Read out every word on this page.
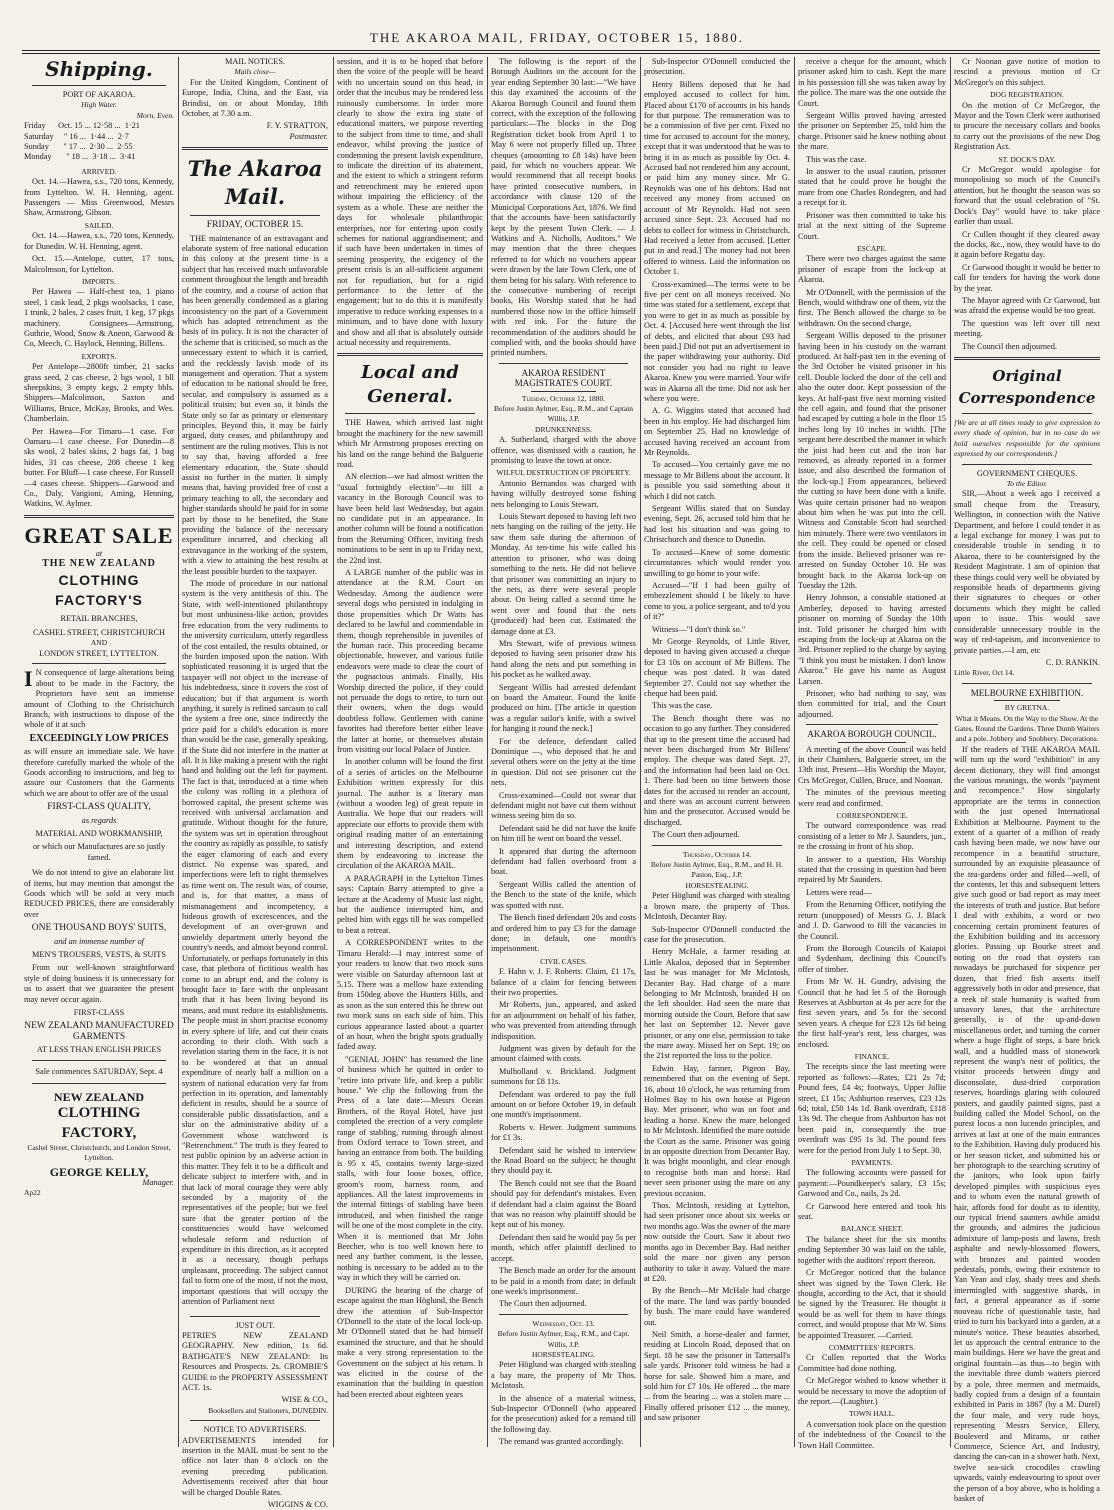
THE AKAROA MAIL, FRIDAY, OCTOBER 15, 1880.
Shipping.
PORT OF AKAROA.
High Water.
Morn. Even.
Friday      Oct. 15 ... 12·58 ...  1·21
Saturday     " 16 ...  1·44 ...  2·7
Sunday       " 17 ...  2·30 ...  2·55
Monday       " 18 ...  3·18 ...  3·41
ARRIVED.

Oct. 14.—Hawea, s.s., 720 tons, Kennedy, from Lyttelton. W. H. Henning, agent. Passengers — Miss Greenwood, Messrs Shaw, Armstrong, Gibson.

SAILED.

Oct. 14.—Hawea, s.s., 720 tons, Kennedy, for Dunedin. W. H. Henning, agent.

Oct. 15.—Antelope, cutter, 17 tons, Malcolmson, for Lyttelton.

IMPORTS.

Per Hawea — Half-chest tea, 1 piano steel, 1 cask lead, 2 pkgs woolsacks, 1 case, 1 trunk, 2 bales, 2 cases fruit, 1 keg, 17 pkgs machinery. Consignees—Armstrong, Guthrie, Wood, Snow & Aneon, Garwood & Co, Meech, C. Haylock, Henning, Billens.

EXPORTS.

Per Antelope—2800ft timber, 21 sacks grass seed, 2 cas cheese, 2 bgs wool, 1 bll sheepskins, 3 empty kegs, 2 empty bbls. Shippers—Malcolmson, Saxton and Williams, Bruce, McKay, Brooks, and Wes. Chamberlain.

Per Hawea—For Timaru—1 case. For Oamaru—1 case cheese. For Dunedin—8 sks wool, 2 bales skins, 2 bags fat, 1 bag hides, 31 cas cheese, 208 cheese 1 keg butter. For Bluff—1 case cheese. For Russell—4 cases cheese. Shippers—Garwood and Co., Daly, Vangioni, Aming, Henning, Watkins, W. Aylmer.

GREAT SALE
at
THE NEW ZEALAND
CLOTHING FACTORY'S
RETAIL BRANCHES,
CASHEL STREET, CHRISTCHURCH
AND
LONDON STREET, LYTTELTON.

I N consequence of large alterations being about to be made in the Factory, the Proprietors have sent an immense amount of Clothing to the Christchurch Branch, with instructions to dispose of the whole of it at such

EXCEEDINGLY LOW PRICES

as will ensure an immediate sale. We have therefore carefully marked the whole of the Goods according to instructions, and beg to assure our Customers that the Garments which we are about to offer are of the usual

FIRST-CLASS QUALITY,
as regards
MATERIAL AND WORKMANSHIP,
or which our Manufactures are so justly famed.

We do not intend to give an elaborate list of items, but may mention that amongst the Goods which will be sold at very much REDUCED PRICES, there are considerably over

ONE THOUSAND BOYS' SUITS,
and an immense number of
MEN'S TROUSERS, VESTS, & SUITS

From our well-known straightforward style of doing business it is unnecessary for us to assert that we guarantee the present may never occur again.

FIRST-CLASS
NEW ZEALAND MANUFACTURED GARMENTS
AT LESS THAN ENGLISH PRICES
Sale commences SATURDAY, Sept. 4
NEW ZEALAND
CLOTHING FACTORY,
Cashel Street, Christchurch, and London Street, Lyttelton.
GEORGE KELLY,
Manager.
Ap22
MAIL NOTICES.
Mails close—

For the United Kingdom, Continent of Europe, India, China, and the East, via Brindisi, on or about Monday, 18th October, at 7.30 a.m.

F. Y. STRATTON,
Postmaster.
The Akaroa Mail.
FRIDAY, OCTOBER 15.

THE maintenance of an extravagant and elaborate system of free national education in this colony at the present time is a subject that has received much unfavorable comment throughout the length and breadth of the country, and a course of action that has been generally condemned as a glaring inconsistency on the part of a Government which has adopted retrenchment as the basis of its policy. It is not the character of the scheme that is criticised, so much as the unnecessary extent to which it is carried, and the recklessly lavish mode of its management and operation. That a system of education to be national should be free, secular, and compulsory is assumed as a political truism; but even so, it binds the State only so far as primary or elementary principles. Beyond this, it may be fairly argued, duty ceases, and philanthropy and sentiment are the ruling motives. This is not to say that, having afforded a free elementary education, the State should assist no further in the matter. It simply means that, having provided free of cost a primary teaching to all, the secondary and higher standards should be paid for in some part by those to be benefited, the State providing the balance of the necessary expenditure incurred, and checking all extravagance in the working of the system, with a view to attaining the best results at the least possible burden to the taxpayer.

The mode of procedure in our national system is the very antithesis of this. The State, with well-intentioned philanthropy but most unbusiness-like action, provides free education from the very rudiments to the university curriculum, utterly regardless of the cost entailed, the results obtained, or the burden imposed upon the nation. With sophisticated reasoning it is urged that the taxpayer will not object to the increase of his indebtedness, since it covers the cost of education; but if that argument is worth anything, it surely is refined sarcasm to call the system a free one, since indirectly the price paid for a child's education is more than would be the case, generally speaking, if the State did not interfere in the matter at all. It is like making a present with the right hand and holding out the left for payment. The fact is that, introduced at a time when the colony was rolling in a plethora of borrowed capital, the present scheme was received with universal acclamation and gratitude. Without thought for the future, the system was set in operation throughout the country as rapidly as possible, to satisfy the eager clamoring of each and every district. No expense was spared, and imperfections were left to right themselves as time went on. The result was, of course, and is, for that matter, a mass of mismanagement and incompetency, a hideous growth of excrescences, and the development of an over-grown and unwieldy department utterly beyond the country's needs, and almost beyond control. Unfortunately, or perhaps fortunately in this case, that plethora of fictitious wealth has come to an abrupt end, and the colony is brought face to face with the unpleasant truth that it has been living beyond its means, and must reduce its establishments. The people must in short practise economy in every sphere of life, and cut their coats according to their cloth. With such a revelation staring them in the face, it is not to be wondered at that an annual expenditure of nearly half a million on a system of national education very far from perfection in its operation, and lamentably deficient in results, should be a source of considerable public dissatisfaction, and a slur on the administrative ability of a Government whose watchword is "Retrenchment." The truth is they feared to test public opinion by an adverse action in this matter. They felt it to be a difficult and delicate subject to interfere with, and in that lack of moral courage they were ably seconded by a majority of the representatives of the people; but we feel sure that the greater portion of the constituencies would have welcomed wholesale reform and reduction of expenditure in this direction, as it accepted it as a necessary, though perhaps unpleasant, proceeding. The subject cannot fail to form one of the most, if not the most, important questions that will occupy the attention of Parliament next

JUST OUT.

PETRIE'S NEW ZEALAND GEOGRAPHY. New edition, 1s 6d. BATHGATE'S NEW ZEALAND: Its Resources and Prospects. 2s. CROMBIE'S GUIDE to the PROPERTY ASSESSMENT ACT. 1s.

WISE & CO.,
Booksellers and Stationers, DUNEDIN.
NOTICE TO ADVERTISERS.

ADVERTISEMENTS intended for insertion in the MAIL must be sent to the office not later than 8 o'clock on the evening preceding publication. Advertisements received after that hour will be charged Double Rates.

WIGGINS & CO.

session, and it is to be hoped that before then the voice of the people will be heard with no uncertain sound on this head, in order that the incubus may be rendered less ruinously cumbersome. In order more clearly to show the extra ing state of educational matters, we purpose reverting to the subject from time to time, and shall endeavor, whilst proving the justice of condemning the present lavish expenditure, to indicate the direction of its abatement, and the extent to which a stringent reform and retrenchment may be entered upon without impairing the efficiency of the system as a whole. These are neither the days for wholesale philanthropic enterprises, nor for entering upon costly schemes for national aggrandisement; and if such have been undertaken in times of seeming prosperity, the exigency of the present crisis is an all-sufficient argument not for repudiation, but for a rigid performance to the letter of the engagement; but to do this it is manifestly imperative to reduce working expenses to a minimum, and to have done with luxury and show and all that is absolutely outside actual necessity and requirements.

Local and General.

THE Hawea, which arrived last night brought the machinery for the new sawmill which Mr Armstrong proposes erecting on his land on the range behind the Balguerie road.

AN election—we had almost written the "usual fortnightly election"—to fill a vacancy in the Borough Council was to have been held last Wednesday, but again no candidate put in an appearance. In another column will be found a notification from the Returning Officer, inviting fresh nominations to be sent in up to Friday next, the 22nd inst.

A LARGE number of the public was in attendance at the R.M. Court on Wednesday. Among the audience were several dogs who persisted in indulging in those propensities which Dr Watts has declared to be lawful and commendable in them, though reprehensible in juveniles of the human race. This proceeding became objectionable, however, and various futile endeavors were made to clear the court of the pugnacious animals. Finally, His Worship directed the police, if they could not persuade the dogs to retire, to turn out their owners, when the dogs would doubtless follow. Gentlemen with canine favorites had therefore better either leave the latter at home, or themselves abstain from visiting our local Palace of Justice.

In another column will be found the first of a series of articles on the Melbourne Exhibition written expressly for this journal. The author is a literary man (without a wooden leg) of great repute in Australia. We hope that our readers will appreciate our efforts to provide them with original reading matter of an entertaining and interesting description, and extend them by endeavoring to increase the circulation of the AKAROA MAIL.

A PARAGRAPH in the Lyttelton Times says: Captain Barry attempted to give a lecture at the Academy of Music last night, but the audience interrupted him, and pelted him with eggs till he was compelled to beat a retreat.

A CORRESPONDENT writes to the Timaru Herald:—I may interest some of your readers to know that two mock suns were visible on Saturday afternoon last at 5.15. There was a mellow haze extending from 150deg above the Hunters Hills, and as soon as the sun entered this he threw out two mock suns on each side of him. This curious appearance lasted about a quarter of an hour, when the bright spots gradually faded away.

"GENIAL JOHN" has resumed the line of business which he quitted in order to "retire into private life, and keep a public house." We clip the following from the Press of a late date:—Messrs Ocean Brothers, of the Royal Hotel, have just completed the erection of a very complete range of stabling, running through almost from Oxford terrace to Town street, and having an entrance from both. The building is 95 x 45, contains twenty large-sized stalls, with four loose boxes, office, groom's room, harness room, and appliances. All the latest improvements in the internal fittings of stabling have been introduced, and when finished the range will be one of the most complete in the city. When it is mentioned that Mr John Beecher, who is too well known here to need any further comment, is the lessee, nothing is necessary to be added as to the way in which they will be carried on.

DURING the hearing of the charge of escape against the man Höglund, the Bench drew the attention of Sub-Inspector O'Donnell to the state of the local lock-up. Mr O'Donnell stated that he had himself examined the structure, and that he should make a very strong representation to the Government on the subject at his return. It was elicited in the course of the examination that the building in question had been erected about eighteen years

The following is the report of the Borough Auditors on the account for the year ending September 30 last:—"We have this day examined the accounts of the Akaroa Borough Council and found them correct, with the exception of the following particulars:—The blocks in the Dog Registration ticket book from April 1 to May 6 were not properly filled up. Three cheques (amounting to £8 14s) have been paid, for which no vouchers appear. We would recommend that all receipt books have printed consecutive numbers, in accordance with clause 120 of the Municipal Corporations Act, 1876. We find that the accounts have been satisfactorily kept by the present Town Clerk. — J. Watkins and A. Nicholls, Auditors." We may mention that the three cheques referred to for which no vouchers appear were drawn by the late Town Clerk, one of them being for his salary. With reference to the consecutive numbering of receipt books, His Worship stated that he had numbered those now in the office himself with red ink. For the future the recommendation of the auditors should be complied with, and the books should have printed numbers.

AKAROA RESIDENT MAGISTRATE'S COURT.
Tuesday, October 12, 1880.
Before Justin Aylmer, Esq., R.M., and Captain Willis, J.P.
DRUNKENNESS.

A. Sutherland, charged with the above offence, was dismissed with a caution, he promising to leave the town at once.

WILFUL DESTRUCTION OF PROPERTY.

Antonio Bernandos was charged with having wilfully destroyed some fishing nets belonging to Louis Stewart.

Louis Stewart deposed to having left two nets hanging on the railing of the jetty. He saw them safe during the afternoon of Monday. At ten-time his wife called his attention to prisoner, who was doing something to the nets. He did not believe that prisoner was committing an injury to the nets, as there were several people about. On being called a second time he went over and found that the nets (produced) had been cut. Estimated the damage done at £3.

Mrs Stewart, wife of previous witness deposed to having seen prisoner draw his hand along the nets and put something in his pocket as he walked away.

Sergeant Willis had arrested defendant on board the Amateur. Found the knife produced on him. [The article in question was a regular sailor's knife, with a swivel for hanging it round the neck.]

For the defence, defendant called Dominique —, who deposed that he and several others were on the jetty at the time in question. Did not see prisoner cut the nets.

Cross-examined—Could not swear that defendant might not have cut them without witness seeing him do so.

Defendant said he did not have the knife on him till he went on board the vessel.

It appeared that during the afternoon defendant had fallen overboard from a boat.

Sergeant Willis called the attention of the Bench to the state of the knife, which was spotted with rust.

The Bench fined defendant 20s and costs and ordered him to pay £3 for the damage done; in default, one month's imprisonment.

CIVIL CASES.

F. Hahn v. J. F. Roberts. Claim, £1 17s, balance of a claim for fencing between their two properties.

Mr Roberts, jun., appeared, and asked for an adjournment on behalf of his father, who was prevented from attending through indisposition.

Judgment was given by default for the amount claimed with costs.

Mulholland v. Brickland. Judgment summons for £8 11s.

Defendant was ordered to pay the full amount on or before October 19, in default one month's imprisonment.

Roberts v. Hewer. Judgment summons for £1 3s.

Defendant said he wished to interview the Road Board on the subject; he thought they should pay it.

The Bench could not see that the Board should pay for defendant's mistakes. Even if defendant had a claim against the Board that was no reason why plaintiff should be kept out of his money.

Defendant then said he would pay 5s per month, which offer plaintiff declined to accept.

The Bench made an order for the amount to be paid in a month from date; in default one week's imprisonment.

The Court then adjourned.

Wednesday, Oct. 13.
Before Justin Aylmer, Esq., R.M., and Capt. Willis, J.P.
HORSESTEALING.

Peter Höglund was charged with stealing a bay mare, the property of Mr Thos. McIntosh.

In the absence of a material witness, Sub-Inspector O'Donnell (who appeared for the prosecution) asked for a remand till the following day.

The remand was granted accordingly.

Sub-Inspector O'Donnell conducted the prosecution.

Henry Billens deposed that he had employed accused to collect for him. Placed about £170 of accounts in his hands for that purpose. The remuneration was to be a commission of five per cent. Fixed no time for accused to account for the money, except that it was understood that he was to bring it in as much as possible by Oct. 4. Accused had not rendered him any account, or paid him any money since. Mr G. Reynolds was one of his debtors. Had not received any money from accused on account of Mr Reynolds. Had not seen accused since Sept. 23. Accused had no debts to collect for witness in Christchurch. Had received a letter from accused. [Letter put in and read.] The money had not been offered to witness. Laid the information on October 1.

Cross-examined—The terms were to be five per cent on all moneys received. No time was stated for a settlement, except that you were to get in as much as possible by Oct. 4. [Accused here went through the list of debts, and elicited that about £93 had been paid.] Did not put an advertisement in the paper withdrawing your authority. Did not consider you had no right to leave Akaroa. Knew you were married. Your wife was in Akaroa all the time. Did not ask her where you were.

A. G. Wiggins stated that accused had been in his employ. He had discharged him on September 25. Had no knowledge of accused having received an account from Mr Reynolds.

To accused—You certainly gave me no message to Mr Billens about the account. It is possible you said something about it which I did not catch.

Sergeant Willis stated that on Sunday evening, Sept. 26, accused told him that he had lost his situation and was going to Christchurch and thence to Dunedin.

To accused—Knew of some domestic circumstances which would render you unwilling to go home to your wife.

Accused—"If I had been guilty of embezzlement should I be likely to have come to you, a police sergeant, and to'd you of it?"

Witness—"I don't think so."

Mr George Reynolds, of Little River, deposed to having given accused a cheque for £3 10s on account of Mr Billens. The cheque was post dated. It was dated September 27. Could not say whether the cheque had been paid.

This was the case.

The Bench thought there was no occasion to go any further. They considered that up to the present time the accused had never been discharged from Mr Billens' employ. The cheque was dated Sept. 27, and the information had been laid on Oct. 1. There had been no time between those dates for the accused to render an account, and there was an account current between him and the prosecutor. Accused would be discharged.

The Court then adjourned.

Thursday, October 14.
Before Justin Aylmer, Esq., R.M., and H. H. Paston, Esq., J.P.
HORSESTEALING.

Peter Höglund was charged with stealing a brown mare, the property of Thos. McIntosh, Decanter Bay.

Sub-Inspector O'Donnell conducted the case for the prosecution.

Henry McHale, a farmer residing at Little Akaloa, deposed that in September last he was manager for Mr McIntosh, Decanter Bay. Had charge of a mare belonging to Mr McIntosh, branded H on the left shoulder. Had seen the mare that morning outside the Court. Before that saw her last on September 12. Never gave prisoner, or any one else, permission to take the mare away. Missed her on Sept. 19; on the 21st reported the loss to the police.

Edwin Hay, farmer, Pigeon Bay, remembered that on the evening of Sept. 16, about 10 o'clock, he was returning from Holmes Bay to his own house at Pigeon Bay. Met prisoner, who was on foot and leading a horse. Knew the mare belonged to Mr McIntosh. Identified the mare outside the Court as the same. Prisoner was going in an opposite direction from Decanter Bay. It was bright moonlight, and clear enough to recognise both man and horse. Had never seen prisoner using the mare on any previous occasion.

Thos. McIntosh, residing at Lyttelton, had seen prisoner once about six weeks or two months ago. Was the owner of the mare now outside the Court. Saw it about two months ago in December Bay. Had neither sold the mare nor given any person authority to take it away. Valued the mare at £20.

By the Bench—Mr McHale had charge of the mare. The land was partly bounded by bush. The mare could have wandered out.

Neil Smith, a horse-dealer and farmer, residing at Lincoln Road, deposed that on Sept. 18 he saw the prisoner in Tattersall's sale yards. Prisoner told witness he had a horse for sale. Showed him a mare, and sold him for £7 10s. He offered ... the mare ... from the bearing ... was a stolen mare ... Finally offered prisoner £12 ... the money, and saw prisoner

receive a cheque for the amount, which prisoner asked him to cash. Kept the mare in his possession till she was taken away by the police. The mare was the one outside the Court.

Sergeant Willis proved having arrested the prisoner on September 25, told him the charge. Prisoner said he knew nothing about the mare.

This was the case.

In answer to the usual caution, prisoner stated that he could prove he bought the mare from one Charles Rondegren, and had a receipt for it.

Prisoner was then committed to take his trial at the next sitting of the Supreme Court.

ESCAPE.

There were two charges against the same prisoner of escape from the lock-up at Akaroa.

Mr O'Donnell, with the permission of the Bench, would withdraw one of them, viz the first. The Bench allowed the charge to be withdrawn. On the second charge,

Sergeant Willis deposed to the prisoner having been in his custody on the warrant produced. At half-past ten in the evening of the 3rd October he visited prisoner in his cell. Double locked the door of the cell and also the outer door. Kept possession of the keys. At half-past five next morning visited the cell again, and found that the prisoner had escaped by cutting a hole in the floor 15 inches long by 10 inches in width. [The sergeant here described the manner in which the joist had been cut and the iron bar removed, as already reported in a former issue, and also described the formation of the lock-up.] From appearances, believed the cutting to have been done with a knife. Was quite certain prisoner had no weapon about him when he was put into the cell. Witness and Constable Scott had searched him minutely. There were two ventilators in the cell. They could be opened or closed from the inside. Believed prisoner was re-arrested on Sunday October 10. He was brought back to the Akaroa lock-up on Tuesday the 12th.

Henry Johnson, a constable stationed at Amberley, deposed to having arrested prisoner on morning of Sunday the 10th inst. Told prisoner he charged him with escaping from the lock-up at Akaroa on the 3rd. Prisoner replied to the charge by saying "I think you must be mistaken. I don't know Akaroa." He gave his name as August Larsen.

Prisoner, who had nothing to say, was then committed for trial, and the Court adjourned.

AKAROA BOROUGH COUNCIL.

A meeting of the above Council was held in their Chambers, Balguerie street, on the 13th inst. Present—His Worship the Mayor, Crs McGregor, Cullen, Bruce, and Noonan.

The minutes of the previous meeting were read and confirmed.

CORRESPONDENCE.

The outward correspondence was read consisting of a letter to Mr J. Saunders, jun., re the crossing in front of his shop.

In answer to a question, His Worship stated that the crossing in question had been repaired by Mr Saunders.

Letters were read—

From the Returning Officer, notifying the return (unopposed) of Messrs G. J. Black and J. D. Garwood to fill the vacancies in the Council.

From the Borough Councils of Kaiapoi and Sydenham, declining this Council's offer of timber.

From Mr W. H. Gundry, advising the Council that he had let 5 of the Borough Reserves at Ashburton at 4s per acre for the first seven years, and 5s for the second seven years. A cheque for £23 12s 6d being the first half-year's rent, less charges, was enclosed.

FINANCE.

The receipts since the last meeting were reported as follows:—Rates, £21 2s 7d; Pound fees, £4 4s; footways, Upper Jollie street, £1 15s; Ashburton reserves, £23 12s 6d; total, £50 14s 1d. Bank overdraft, £118 13s 9d. The cheque from Ashburton has not been paid in, consequently the true overdraft was £95 1s 3d. The pound fees were for the period from July 1 to Sept. 30.

PAYMENTS.

The following accounts were passed for payment:—Poundkeeper's salary, £3 15s; Garwood and Co., nails, 2s 2d.

Cr Garwood here entered and took his seat.

BALANCE SHEET.

The balance sheet for the six months ending September 30 was laid on the table, together with the auditors' report thereon.

Cr McGregor noticed that the balance sheet was signed by the Town Clerk. He thought, according to the Act, that it should be signed by the Treasurer. He thought it would be as well for them to have things correct, and would propose that Mr W. Sims be appointed Treasurer. —Carried.

COMMITTEES' REPORTS.

Cr Cullen reported that the Works Committee had done nothing.

Cr McGregor wished to know whether it would be necessary to move the adoption of the report.—(Laughter.)

TOWN HALL.

A conversation took place on the question of the indebtedness of the Council to the Town Hall Committee.

Cr Noonan gave notice of motion to rescind a previous motion of Cr McGregor's on this subject.

DOG REGISTRATION.

On the motion of Cr McGregor, the Mayor and the Town Clerk were authorised to procure the necessary collars and books to carry out the provisions of the new Dog Registration Act.

ST. DOCK'S DAY.

Cr McGregor would apologise for monopolising so much of the Council's attention, but he thought the season was so forward that the usual celebration of "St. Dock's Day" would have to take place earlier than usual.

Cr Cullen thought if they cleared away the docks, &c., now, they would have to do it again before Regatta day.

Cr Garwood thought it would be better to call for tenders for having the work done by the year.

The Mayor agreed with Cr Garwood, but was afraid the expense would be too great.

The question was left over till next meeting.

The Council then adjourned.

Original Correspondence

[We are at all times ready to give expression to every shade of opinion, but in no case do we hold ourselves responsible for the opinions expressed by our correspondents.]

GOVERNMENT CHEQUES.
To the Editor.

SIR,—About a week ago I received a small cheque from the Treasury, Wellington, in connection with the Native Department, and before I could tender it as a legal exchange for money I was put to considerable trouble in sending it to Akaroa, there to be countersigned by the Resident Magistrate. I am of opinion that these things could very well be obviated by responsible heads of departments giving their signatures to cheques or other documents which they might be called upon to issue. This would save considerable unnecessary trouble in the way of red-tapeism, and inconvenience to private parties.—I am, etc

C. D. RANKIN.
Little River, Oct 14.
MELBOURNE EXHIBITION.
BY GRETNA.
What it Means. On the Way to the Show. At the Gates. Round the Gardens. Three Dumb Waiters and a pole. Jobbery and Snobbery. Decorations.

If the readers of THE AKAROA MAIL will turn up the word "exhibition" in any decent dictionary, they will find amongst the various meanings, the words "payment and recompence." How singularly appropriate are the terms in connection with the just opened International Exhibition at Melbourne. Payment to the extent of a quarter of a million of ready cash having been made, we now have our recompence in a beautiful structure, surrounded by an exquisite pleasaunce of the tea-gardens order and filled—well, of the contents, let this and subsequent letters give such good or bad report as may meet the interests of truth and justice. But before I deal with exhibits, a word or two concerning certain prominent features of the Exhibition building and its accessory glories. Passing up Bourke street and noting on the road that oysters can nowadays be purchased for sixpence per dozen, that fried fish asserts itself aggressively both in odor and presence, that a reek of stale humanity is wafted from unsavory lanes, that the architecture generally, is of the up-and-down miscellaneous order, and turning the corner where a huge flight of steps, a bare brick wall, and a huddled mass of stonework represent the wasp's nest of politics, the visitor proceeds between dingy and disconsolate, dust-dried corporation reserves, hoardings glaring with coloured posters, and gaudily painted signs, past a building called the Model School, on the purest locus a non lucendo principles, and arrives at last at one of the main entrances to the Exhibition. Having duly produced his or her season ticket, and submitted his or her photograph to the searching scrutiny of the janitors, who look upon fairly developed pimples with suspicious eyes and to whom even the natural growth of hair, affords food for doubt as to identity, our typical friend saunters awhile amidst the grounds, and admires the judicious admixture of lamp-posts and lawns, fresh asphalte and newly-blossomed flowers, with bronzes and painted wooden pedestals, ponds, owing their existence to Yan Yean and clay, shady trees and sheds intermingled with suggestive shards, in fact, a general appearance as if some nouveau riche of questionable taste, had tried to turn his backyard into a garden, at a minute's notice. These beauties absorbed, let us approach the central entrance to the main buildings. Here we have the great and original fountain—as thus—to begin with the inevitable three dumb waiters pierced by a pole, three mermen and mermaids, badly copied from a design of a fountain exhibited in Paris in 1867 (by a M. Durel) the four male, and very rude boys, representing Messrs Service, Ellery, Bouleverd and Mirams, or rather Commerce, Science Art, and Industry, dancing the can-can in a shower bath. Next, twelve sea-sick crocodiles crawling upwards, vainly endeavouring to spout over the person of a boy above, who is holding a basket of
